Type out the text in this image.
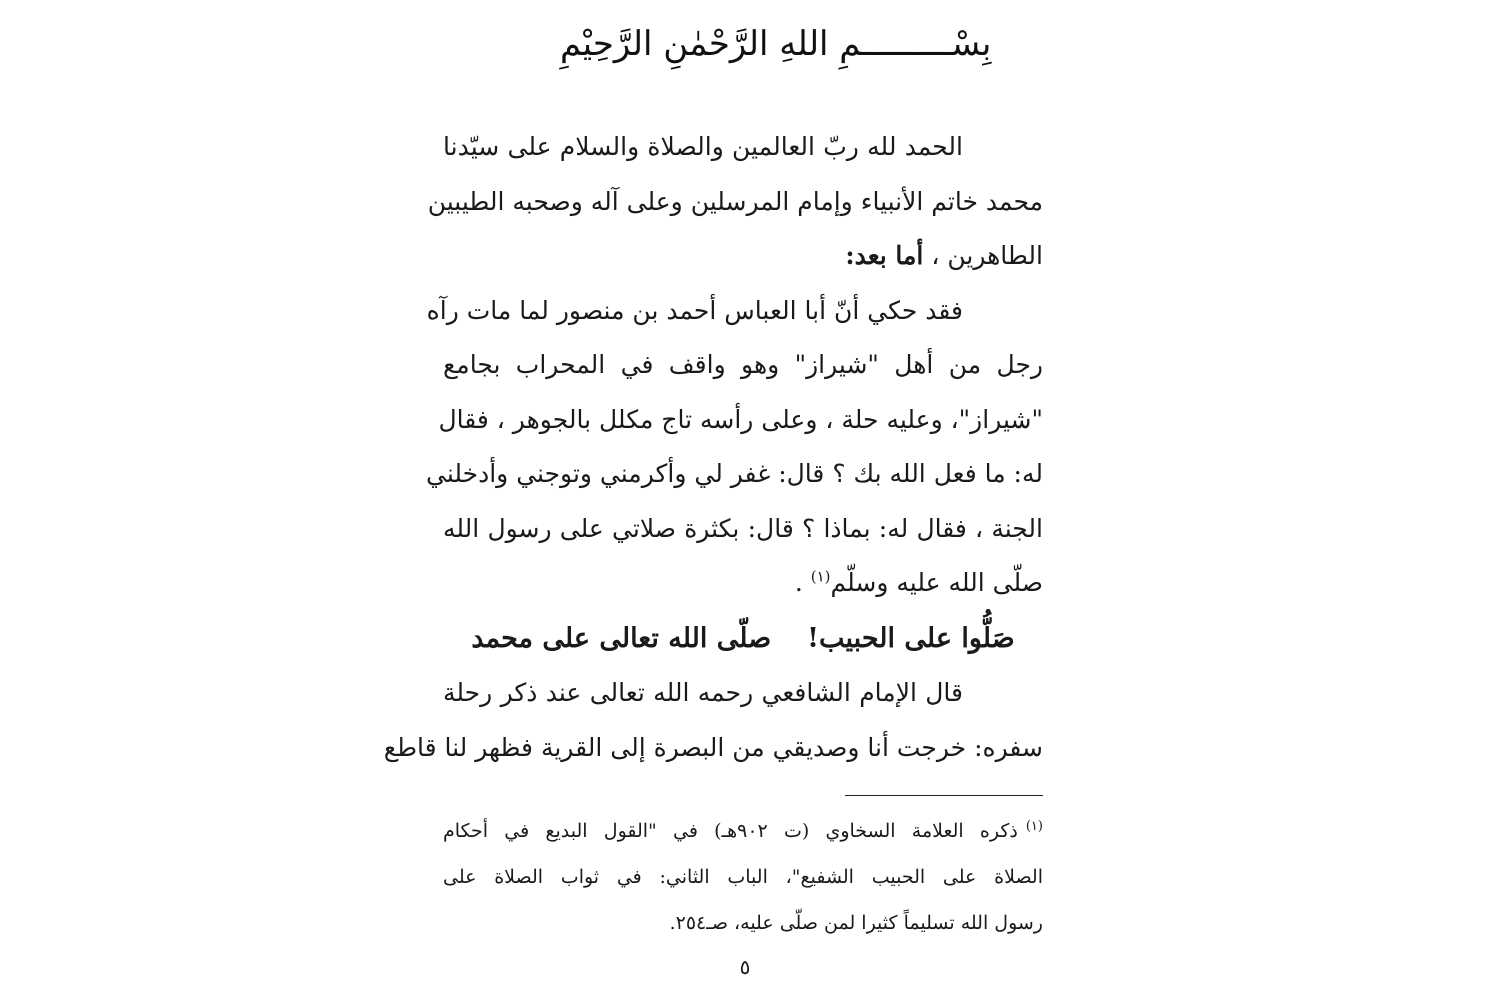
بِسْـــــــــمِ اللهِ الرَّحْمٰنِ الرَّحِيْمِ
الحمد لله ربّ العالمين والصلاة والسلام على سيّدنا
محمد خاتم الأنبياء وإمام المرسلين وعلى آله وصحبه الطيبين
الطاهرين ، أما بعد:
فقد حكي أنّ أبا العباس أحمد بن منصور لما مات رآه
رجل من أهل "شيراز" وهو واقف في المحراب بجامع
"شيراز"، وعليه حلة ، وعلى رأسه تاج مكلل بالجوهر ، فقال
له: ما فعل الله بك ؟ قال: غفر لي وأكرمني وتوجني وأدخلني
الجنة ، فقال له: بماذا ؟ قال: بكثرة صلاتي على رسول الله
صلّى الله عليه وسلّم$^{(١)}$ .
صَلُّوا على الحبيب!صلّى الله تعالى على محمد
قال الإمام الشافعي رحمه الله تعالى عند ذكر رحلة
سفره: خرجت أنا وصديقي من البصرة إلى القرية فظهر لنا قاطع
$^{(١)}$ذكره العلامة السخاوي (ت ٩٠٢هـ) في "القول البديع في أحكام
الصلاة على الحبيب الشفيع"، الباب الثاني: في ثواب الصلاة على
رسول الله تسليماً كثيرا لمن صلّى عليه، صـ٢٥٤.
٥
